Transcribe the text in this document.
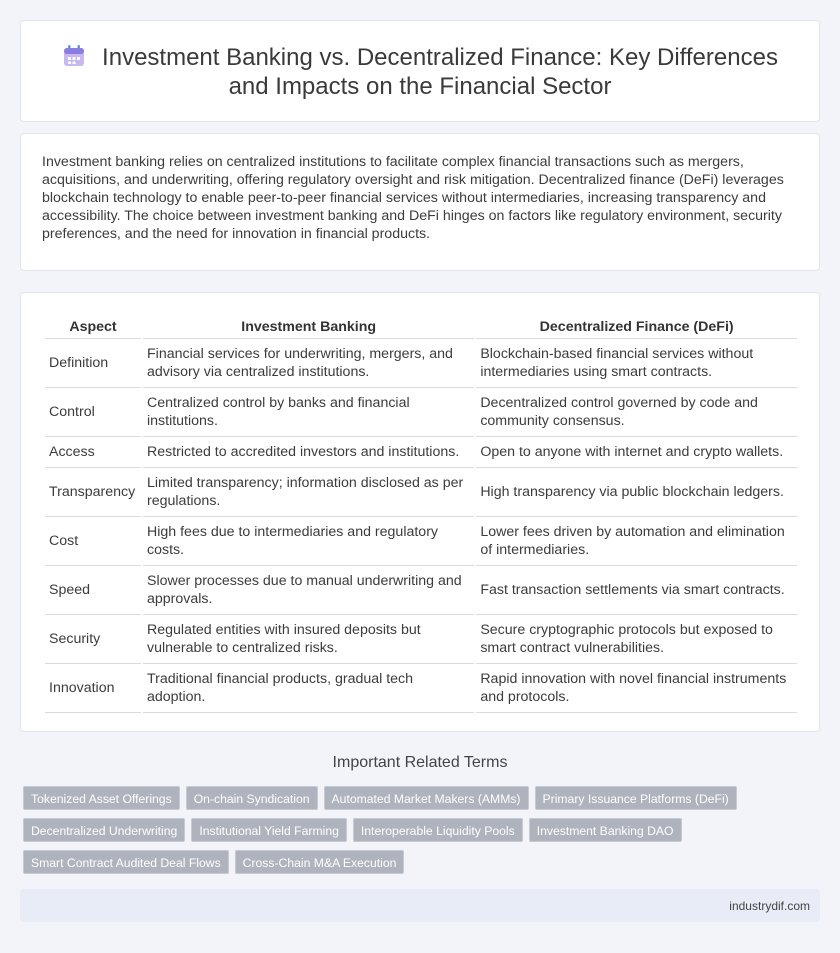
Investment Banking vs. Decentralized Finance: Key Differences
and Impacts on the Financial Sector

Investment banking relies on centralized institutions to facilitate complex financial transactions such as mergers, acquisitions, and underwriting, offering regulatory oversight and risk mitigation. Decentralized finance (DeFi) leverages blockchain technology to enable peer-to-peer financial services without intermediaries, increasing transparency and accessibility. The choice between investment banking and DeFi hinges on factors like regulatory environment, security preferences, and the need for innovation in financial products.

Aspect	Investment Banking	Decentralized Finance (DeFi)
Definition	Financial services for underwriting, mergers, and advisory via centralized institutions.	Blockchain-based financial services without intermediaries using smart contracts.
Control	Centralized control by banks and financial institutions.	Decentralized control governed by code and community consensus.
Access	Restricted to accredited investors and institutions.	Open to anyone with internet and crypto wallets.
Transparency	Limited transparency; information disclosed as per regulations.	High transparency via public blockchain ledgers.
Cost	High fees due to intermediaries and regulatory costs.	Lower fees driven by automation and elimination of intermediaries.
Speed	Slower processes due to manual underwriting and approvals.	Fast transaction settlements via smart contracts.
Security	Regulated entities with insured deposits but vulnerable to centralized risks.	Secure cryptographic protocols but exposed to smart contract vulnerabilities.
Innovation	Traditional financial products, gradual tech adoption.	Rapid innovation with novel financial instruments and protocols.
Important Related Terms
Tokenized Asset Offerings On-chain Syndication Automated Market Makers (AMMs) Primary Issuance Platforms (DeFi)
Decentralized Underwriting Institutional Yield Farming Interoperable Liquidity Pools Investment Banking DAO
Smart Contract Audited Deal Flows Cross-Chain M&A Execution
industrydif.com
